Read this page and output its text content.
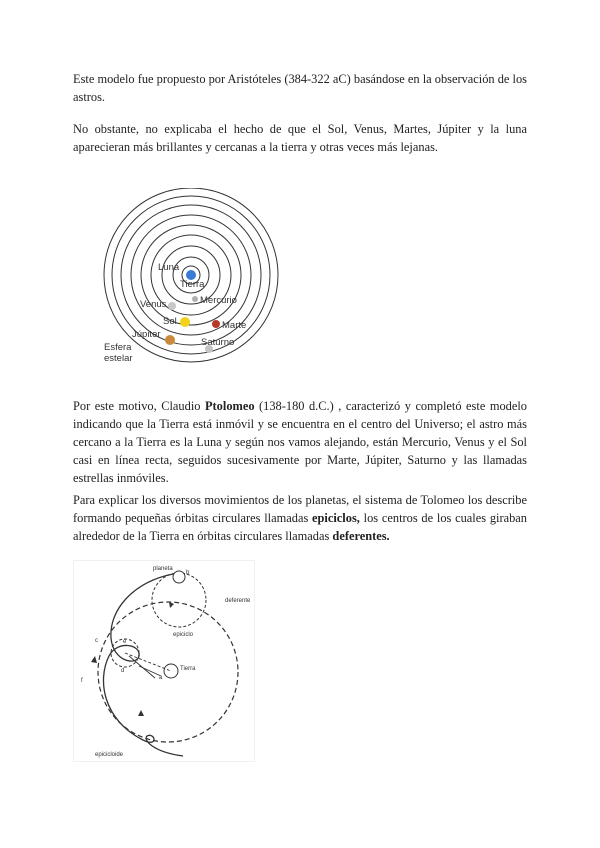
Este modelo fue propuesto por Aristóteles (384-322 aC) basándose en la observación de los astros.

No obstante, no explicaba el hecho de que el Sol, Venus, Martes, Júpiter y la luna aparecieran más brillantes y cercanas a la tierra y otras veces más lejanas.

Luna
Tierra
Mercurio
Venus
Sol	Marte
Júpiter
Saturno
Esfera
estelar

Por este motivo, Claudio Ptolomeo (138-180 d.C.) , caracterizó y completó este modelo indicando que la Tierra está inmóvil y se encuentra en el centro del Universo; el astro más cercano a la Tierra es la Luna y según nos vamos alejando, están Mercurio, Venus y el Sol casi en línea recta, seguidos sucesivamente por Marte, Júpiter, Saturno y las llamadas estrellas inmóviles.

Para explicar los diversos movimientos de los planetas, el sistema de Tolomeo los describe formando pequeñas órbitas circulares llamadas epiciclos, los centros de los cuales giraban alrededor de la Tierra en órbitas circulares llamadas deferentes.

planeta
b
deferente
epiciclo
c	e
d
a
Tierra
f
epicicloide
